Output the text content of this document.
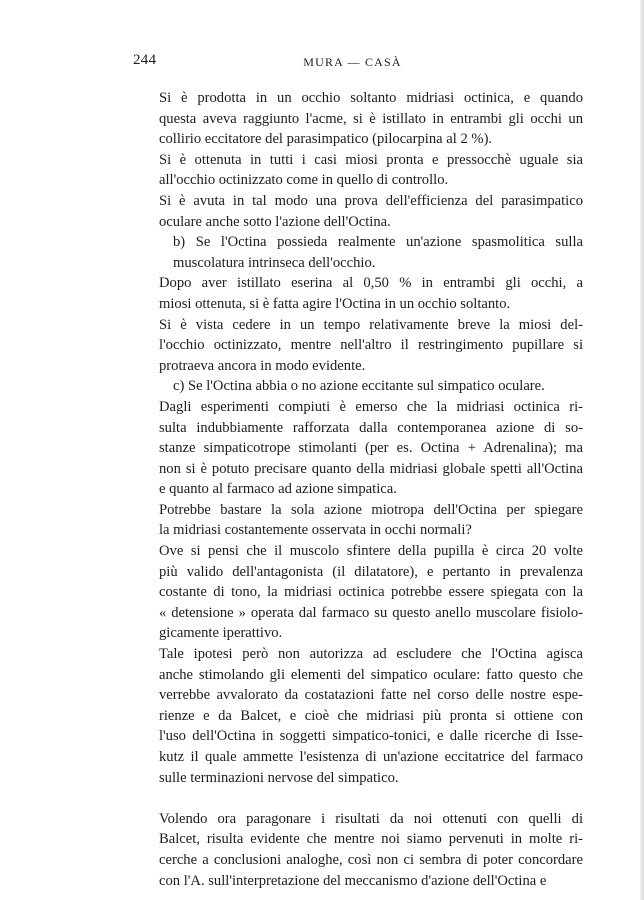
244	MURA — CASÀ

Si è prodotta in un occhio soltanto midriasi octinica, e quando
questa aveva raggiunto l'acme, si è istillato in entrambi gli occhi un
collirio eccitatore del parasimpatico (pilocarpina al 2 %).

Si è ottenuta in tutti i casi miosi pronta e pressocchè uguale sia
all'occhio octinizzato come in quello di controllo.

Si è avuta in tal modo una prova dell'efficienza del parasimpatico
oculare anche sotto l'azione dell'Octina.

b) Se l'Octina possieda realmente un'azione spasmolitica sulla
muscolatura intrinseca dell'occhio.

Dopo aver istillato eserina al 0,50 % in entrambi gli occhi, a
miosi ottenuta, si è fatta agire l'Octina in un occhio soltanto.

Si è vista cedere in un tempo relativamente breve la miosi del-
l'occhio octinizzato, mentre nell'altro il restringimento pupillare si
protraeva ancora in modo evidente.

c) Se l'Octina abbia o no azione eccitante sul simpatico oculare.

Dagli esperimenti compiuti è emerso che la midriasi octinica ri-
sulta indubbiamente rafforzata dalla contemporanea azione di so-
stanze simpaticotrope stimolanti (per es. Octina + Adrenalina); ma
non si è potuto precisare quanto della midriasi globale spetti all'Octina
e quanto al farmaco ad azione simpatica.

Potrebbe bastare la sola azione miotropa dell'Octina per spiegare
la midriasi costantemente osservata in occhi normali?

Ove si pensi che il muscolo sfintere della pupilla è circa 20 volte
più valido dell'antagonista (il dilatatore), e pertanto in prevalenza
costante di tono, la midriasi octinica potrebbe essere spiegata con la
« detensione » operata dal farmaco su questo anello muscolare fisiolo-
gicamente iperattivo.

Tale ipotesi però non autorizza ad escludere che l'Octina agisca
anche stimolando gli elementi del simpatico oculare: fatto questo che
verrebbe avvalorato da costatazioni fatte nel corso delle nostre espe-
rienze e da Balcet, e cioè che midriasi più pronta si ottiene con
l'uso dell'Octina in soggetti simpatico-tonici, e dalle ricerche di Isse-
kutz il quale ammette l'esistenza di un'azione eccitatrice del farmaco
sulle terminazioni nervose del simpatico.

Volendo ora paragonare i risultati da noi ottenuti con quelli di
Balcet, risulta evidente che mentre noi siamo pervenuti in molte ri-
cerche a conclusioni analoghe, così non ci sembra di poter concordare
con l'A. sull'interpretazione del meccanismo d'azione dell'Octina e
